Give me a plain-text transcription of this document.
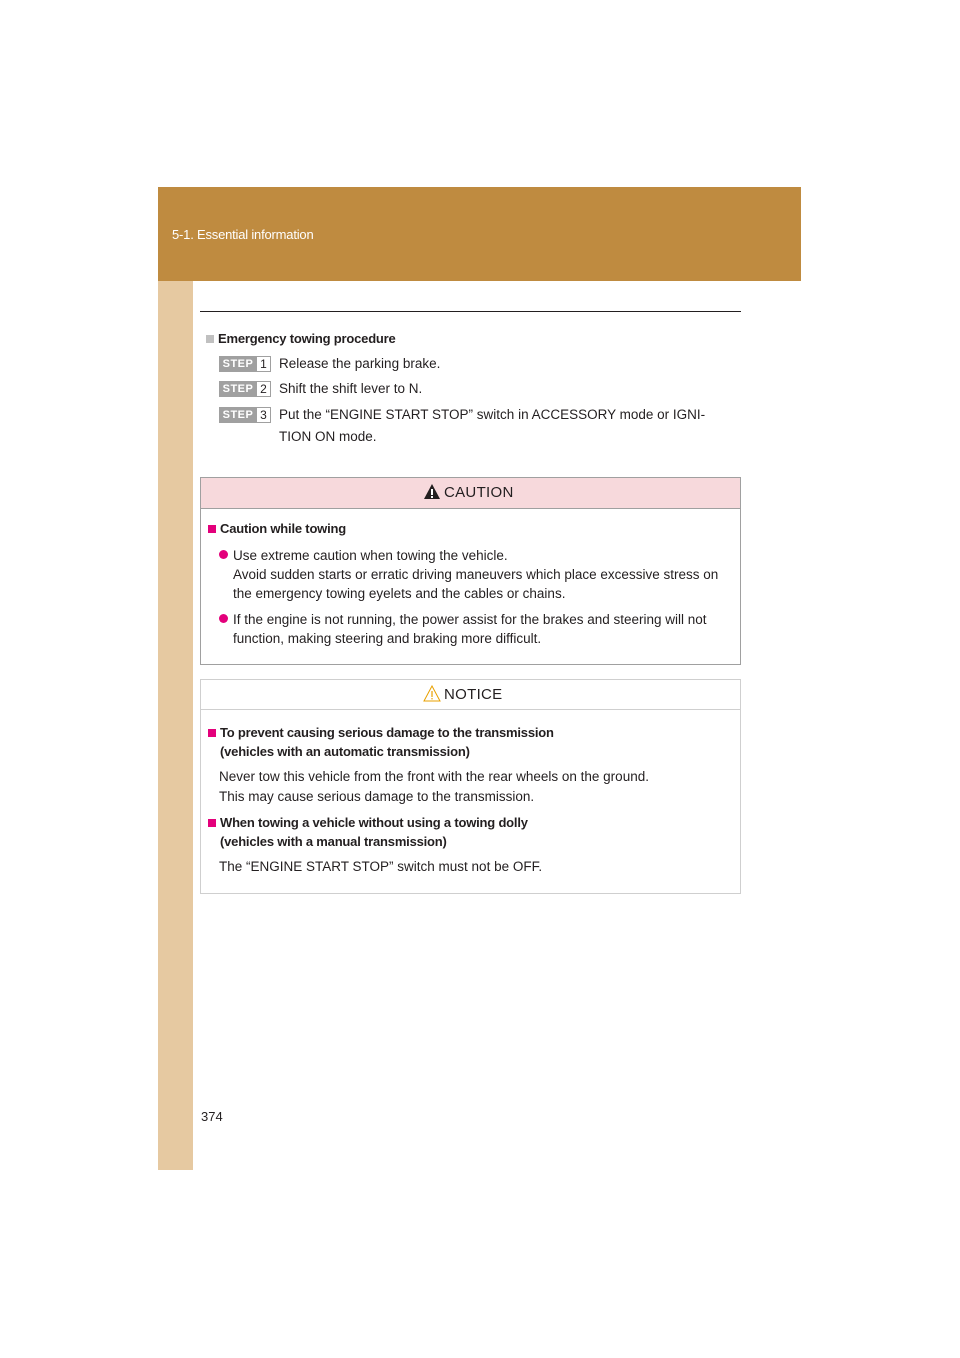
5-1. Essential information
374
Emergency towing procedure
STEP 1 Release the parking brake.
STEP 2 Shift the shift lever to N.
STEP 3 Put the “ENGINE START STOP” switch in ACCESSORY mode or IGNI-
TION ON mode.
CAUTION
Caution while towing
Use extreme caution when towing the vehicle.
Avoid sudden starts or erratic driving maneuvers which place excessive stress on
the emergency towing eyelets and the cables or chains.
If the engine is not running, the power assist for the brakes and steering will not
function, making steering and braking more difficult.
NOTICE
To prevent causing serious damage to the transmission
(vehicles with an automatic transmission)
Never tow this vehicle from the front with the rear wheels on the ground.
This may cause serious damage to the transmission.
When towing a vehicle without using a towing dolly
(vehicles with a manual transmission)
The “ENGINE START STOP” switch must not be OFF.
